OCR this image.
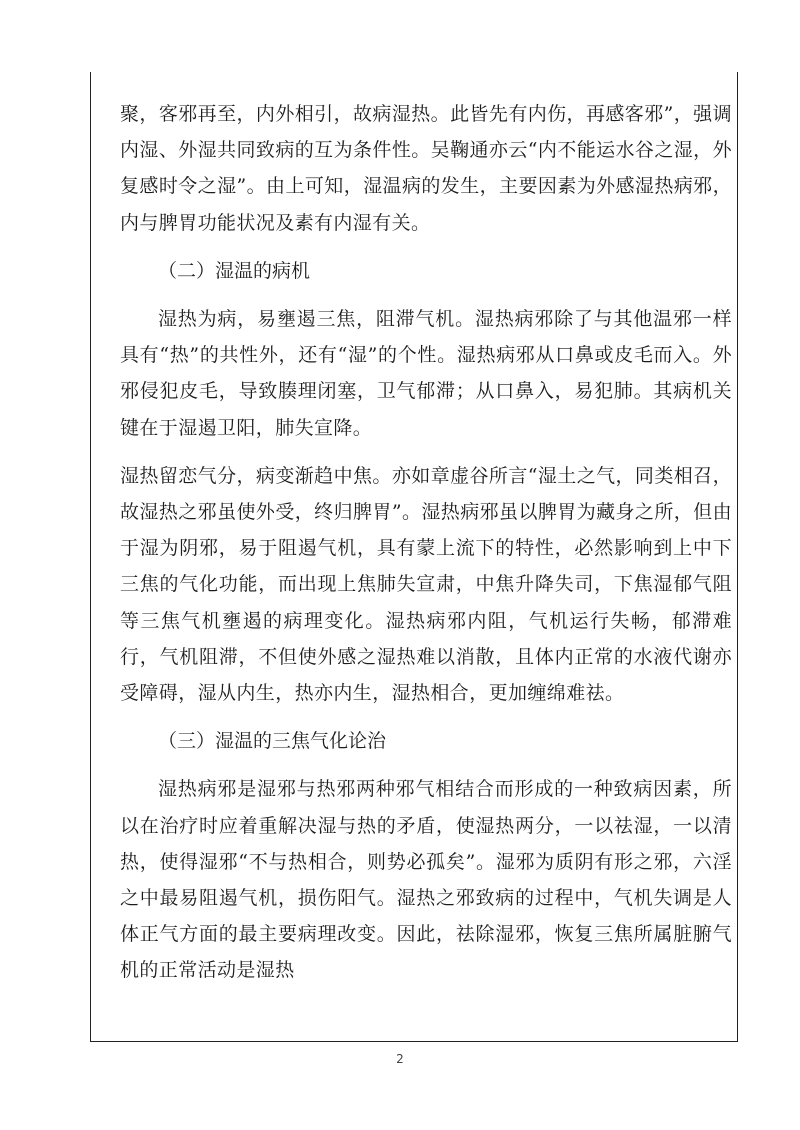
聚，客邪再至，内外相引，故病湿热。此皆先有内伤，再感客邪”，强调内湿、外湿共同致病的互为条件性。吴鞠通亦云“内不能运水谷之湿，外复感时令之湿”。由上可知，湿温病的发生，主要因素为外感湿热病邪，内与脾胃功能状况及素有内湿有关。

（二）湿温的病机

湿热为病，易壅遏三焦，阻滞气机。湿热病邪除了与其他温邪一样具有“热”的共性外，还有“湿”的个性。湿热病邪从口鼻或皮毛而入。外邪侵犯皮毛，导致腠理闭塞，卫气郁滞；从口鼻入，易犯肺。其病机关键在于湿遏卫阳，肺失宣降。

湿热留恋气分，病变渐趋中焦。亦如章虚谷所言“湿土之气，同类相召，故湿热之邪虽使外受，终归脾胃”。湿热病邪虽以脾胃为藏身之所，但由于湿为阴邪，易于阻遏气机，具有蒙上流下的特性，必然影响到上中下三焦的气化功能，而出现上焦肺失宣肃，中焦升降失司，下焦湿郁气阻等三焦气机壅遏的病理变化。湿热病邪内阻，气机运行失畅，郁滞难行，气机阻滞，不但使外感之湿热难以消散，且体内正常的水液代谢亦受障碍，湿从内生，热亦内生，湿热相合，更加缠绵难祛。

（三）湿温的三焦气化论治

湿热病邪是湿邪与热邪两种邪气相结合而形成的一种致病因素，所以在治疗时应着重解决湿与热的矛盾，使湿热两分，一以祛湿，一以清热，使得湿邪“不与热相合，则势必孤矣”。湿邪为质阴有形之邪，六淫之中最易阻遏气机，损伤阳气。湿热之邪致病的过程中，气机失调是人体正气方面的最主要病理改变。因此，祛除湿邪，恢复三焦所属脏腑气机的正常活动是湿热

2
